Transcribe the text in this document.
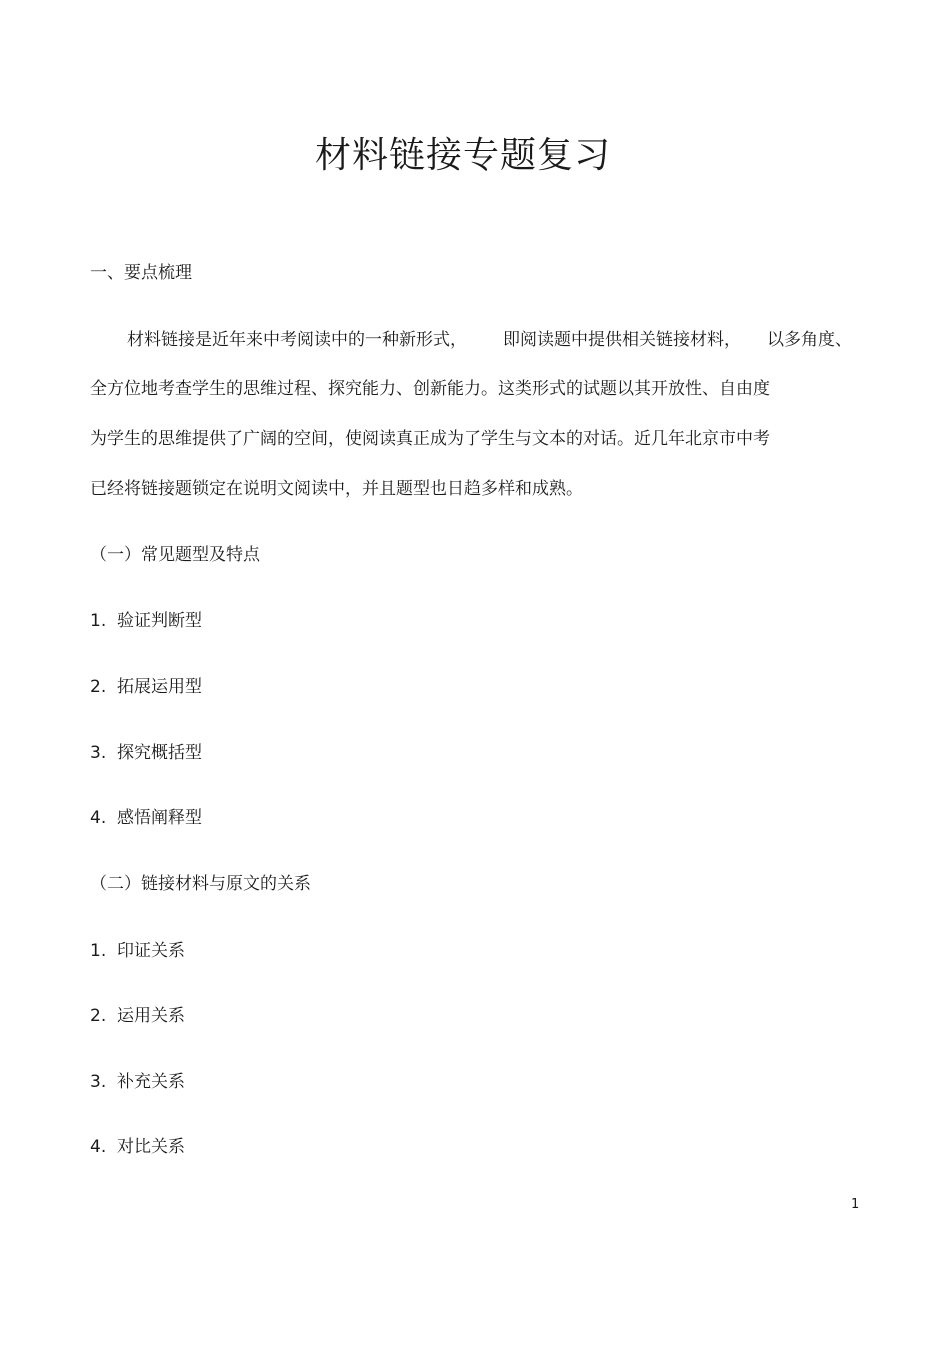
材料链接专题复习
一、要点梳理
材料链接是近年来中考阅读中的一种新形式， 即阅读题中提供相关链接材料， 以多角度、
全方位地考查学生的思维过程、探究能力、创新能力。这类形式的试题以其开放性、自由度
为学生的思维提供了广阔的空间，使阅读真正成为了学生与文本的对话。近几年北京市中考
已经将链接题锁定在说明文阅读中，并且题型也日趋多样和成熟。
（一）常见题型及特点
1. 验证判断型
2. 拓展运用型
3. 探究概括型
4. 感悟阐释型
（二）链接材料与原文的关系
1. 印证关系
2. 运用关系
3. 补充关系
4. 对比关系
1
